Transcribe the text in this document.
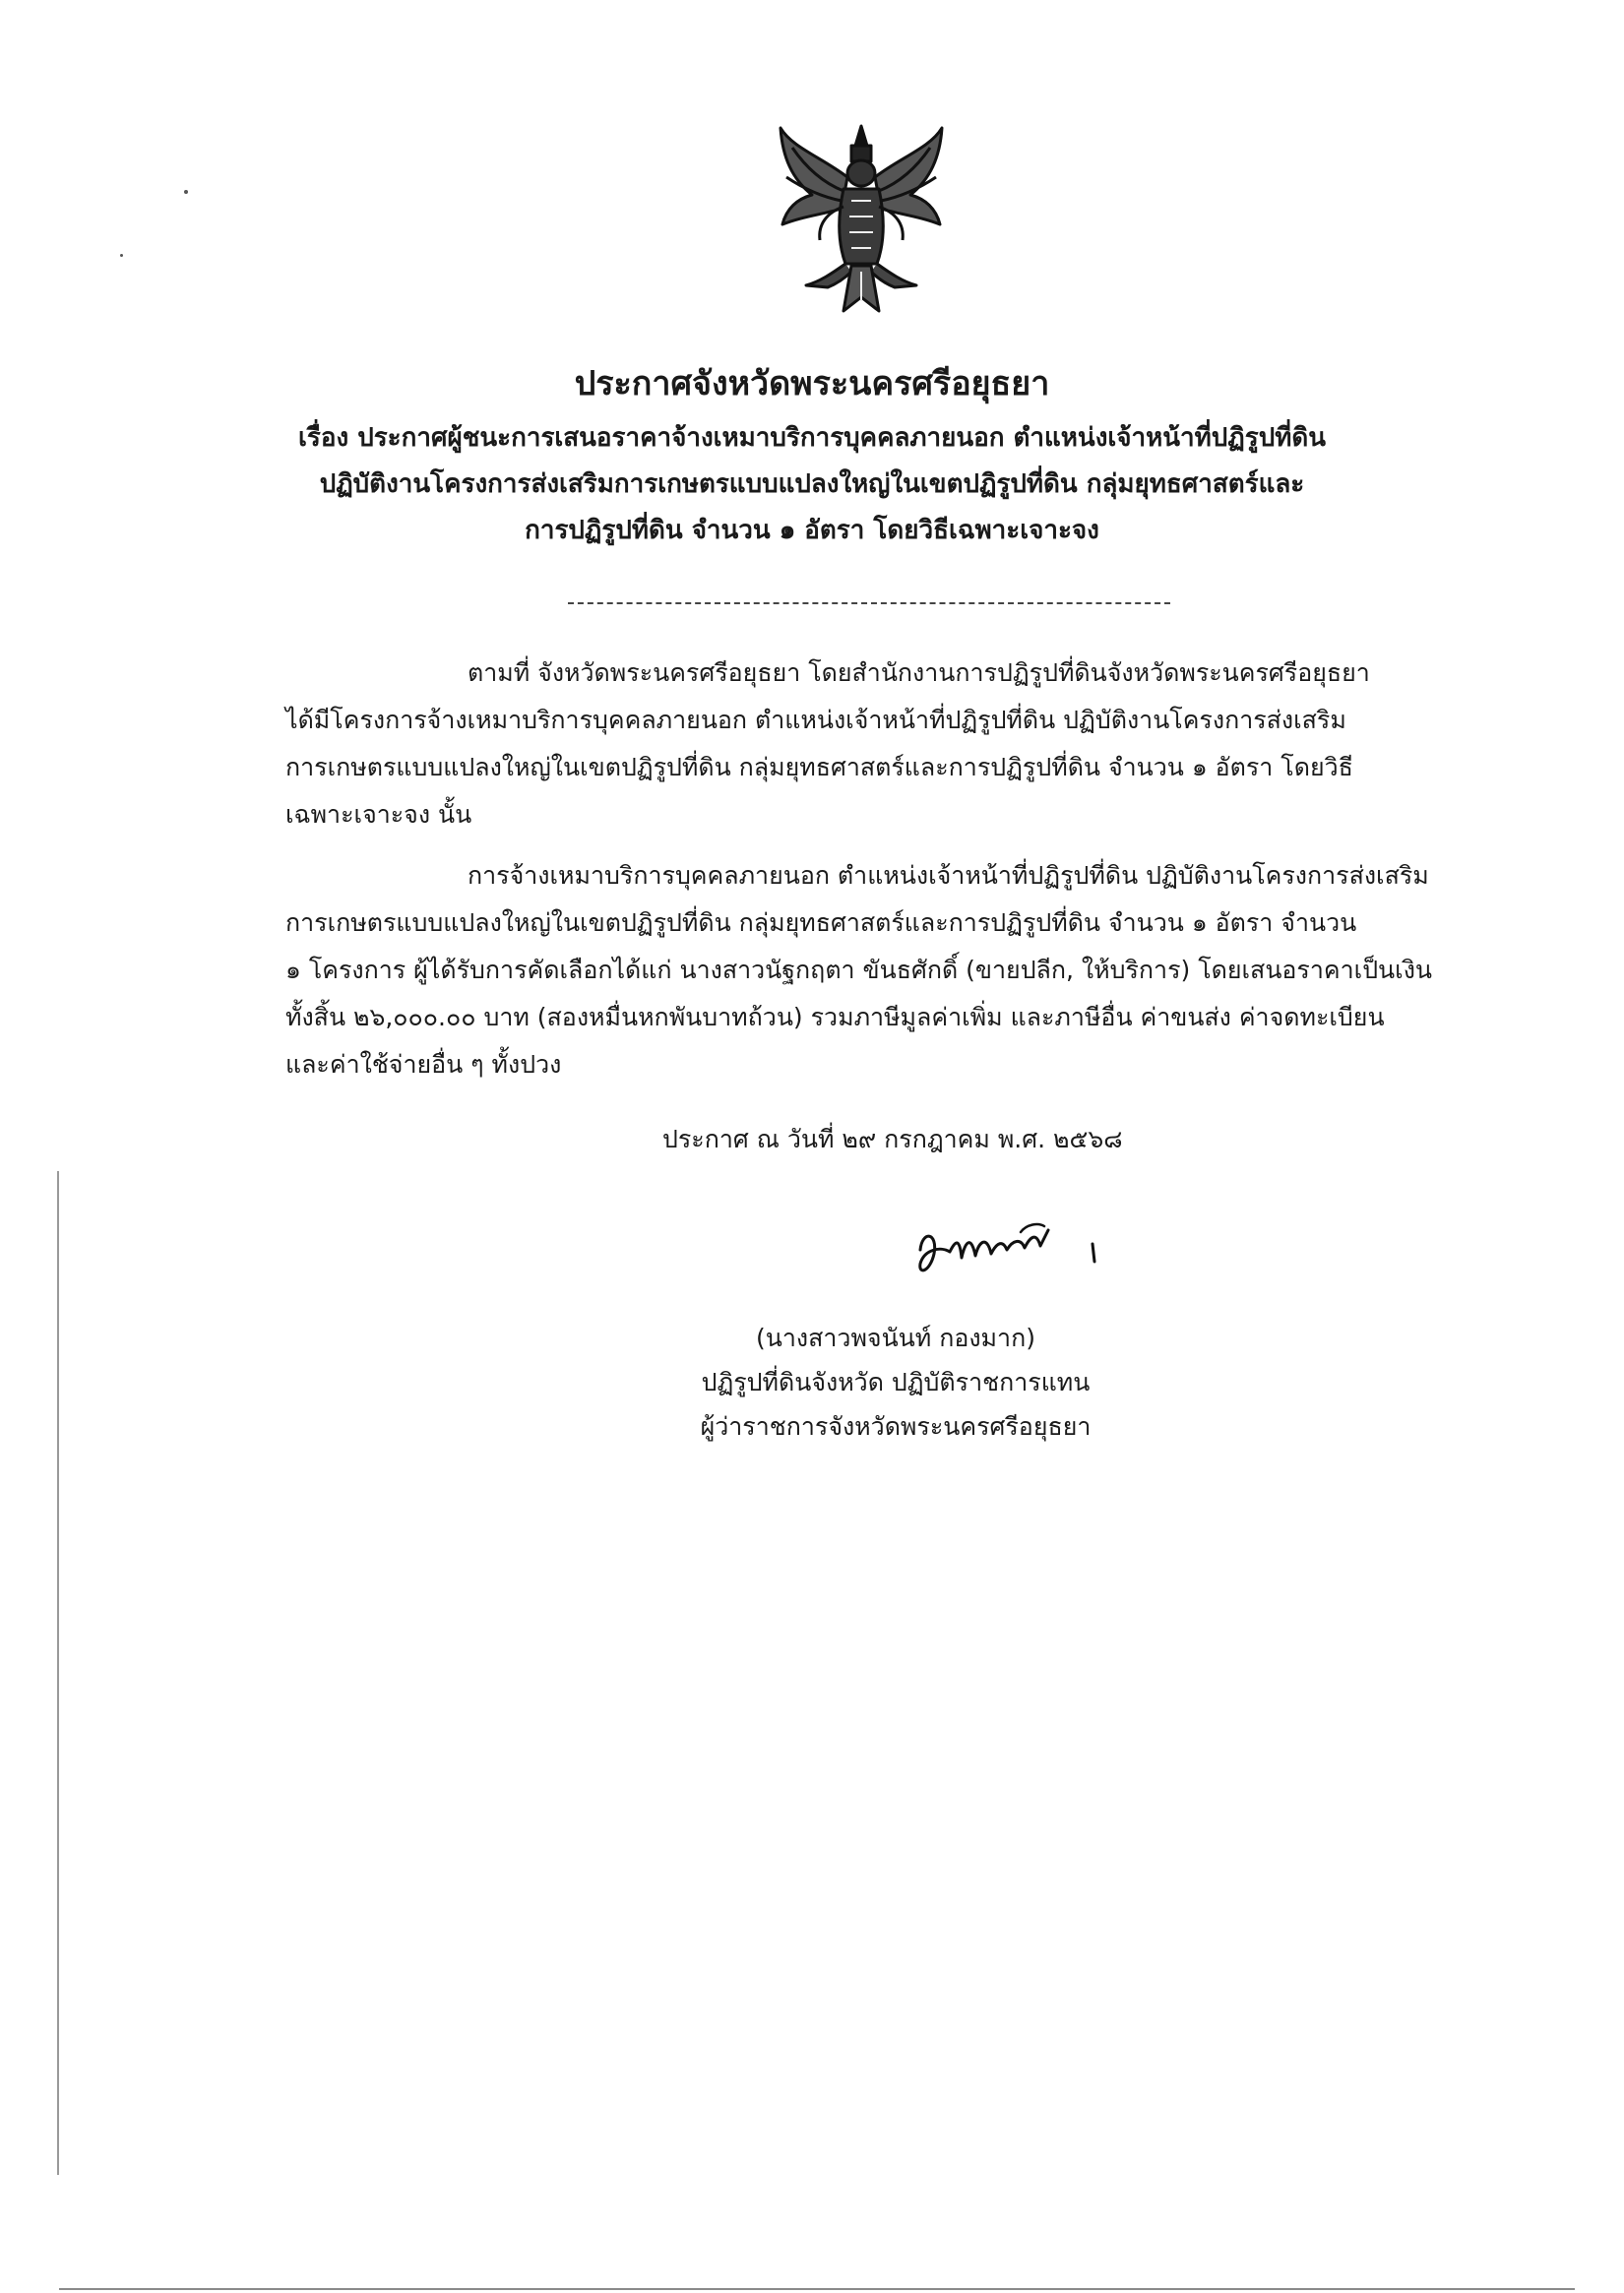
ประกาศจังหวัดพระนครศรีอยุธยา
เรื่อง ประกาศผู้ชนะการเสนอราคาจ้างเหมาบริการบุคคลภายนอก ตำแหน่งเจ้าหน้าที่ปฏิรูปที่ดิน
ปฏิบัติงานโครงการส่งเสริมการเกษตรแบบแปลงใหญ่ในเขตปฏิรูปที่ดิน กลุ่มยุทธศาสตร์และ
การปฏิรูปที่ดิน จำนวน ๑ อัตรา โดยวิธีเฉพาะเจาะจง
ตามที่ จังหวัดพระนครศรีอยุธยา โดยสำนักงานการปฏิรูปที่ดินจังหวัดพระนครศรีอยุธยา
ได้มีโครงการจ้างเหมาบริการบุคคลภายนอก ตำแหน่งเจ้าหน้าที่ปฏิรูปที่ดิน ปฏิบัติงานโครงการส่งเสริม
การเกษตรแบบแปลงใหญ่ในเขตปฏิรูปที่ดิน กลุ่มยุทธศาสตร์และการปฏิรูปที่ดิน จำนวน ๑ อัตรา โดยวิธี
เฉพาะเจาะจง นั้น
การจ้างเหมาบริการบุคคลภายนอก ตำแหน่งเจ้าหน้าที่ปฏิรูปที่ดิน ปฏิบัติงานโครงการส่งเสริม
การเกษตรแบบแปลงใหญ่ในเขตปฏิรูปที่ดิน กลุ่มยุทธศาสตร์และการปฏิรูปที่ดิน จำนวน ๑ อัตรา จำนวน
๑ โครงการ ผู้ได้รับการคัดเลือกได้แก่ นางสาวนัฐกฤตา ขันธศักดิ์ (ขายปลีก, ให้บริการ) โดยเสนอราคาเป็นเงิน
ทั้งสิ้น ๒๖,๐๐๐.๐๐ บาท (สองหมื่นหกพันบาทถ้วน) รวมภาษีมูลค่าเพิ่ม และภาษีอื่น ค่าขนส่ง ค่าจดทะเบียน
และค่าใช้จ่ายอื่น ๆ ทั้งปวง
ประกาศ ณ วันที่ ๒๙ กรกฎาคม พ.ศ. ๒๕๖๘
(นางสาวพจนันท์ กองมาก)
ปฏิรูปที่ดินจังหวัด ปฏิบัติราชการแทน
ผู้ว่าราชการจังหวัดพระนครศรีอยุธยา
